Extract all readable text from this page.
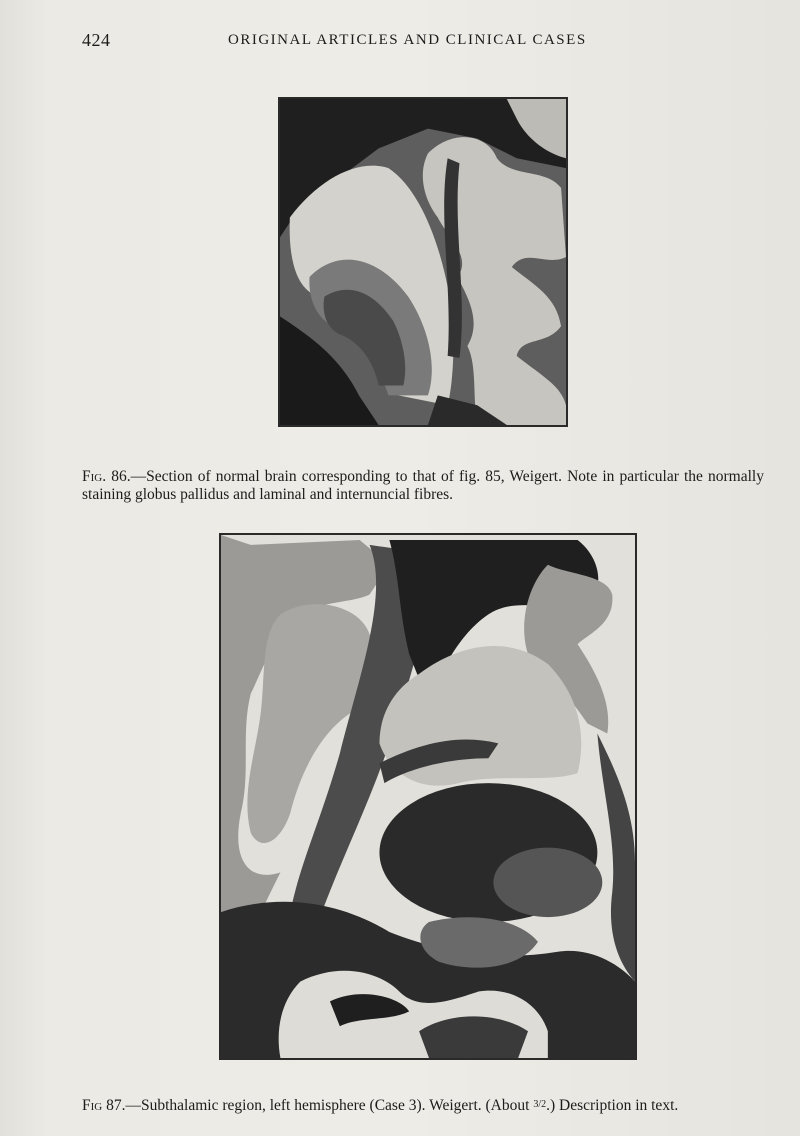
424	ORIGINAL ARTICLES AND CLINICAL CASES

Fig. 86.—Section of normal brain corresponding to that of fig. 85, Weigert. Note in particular the normally staining globus pallidus and laminal and internuncial fibres.

Fig 87.—Subthalamic region, left hemisphere (Case 3). Weigert. (About 3/2.) Description in text.
